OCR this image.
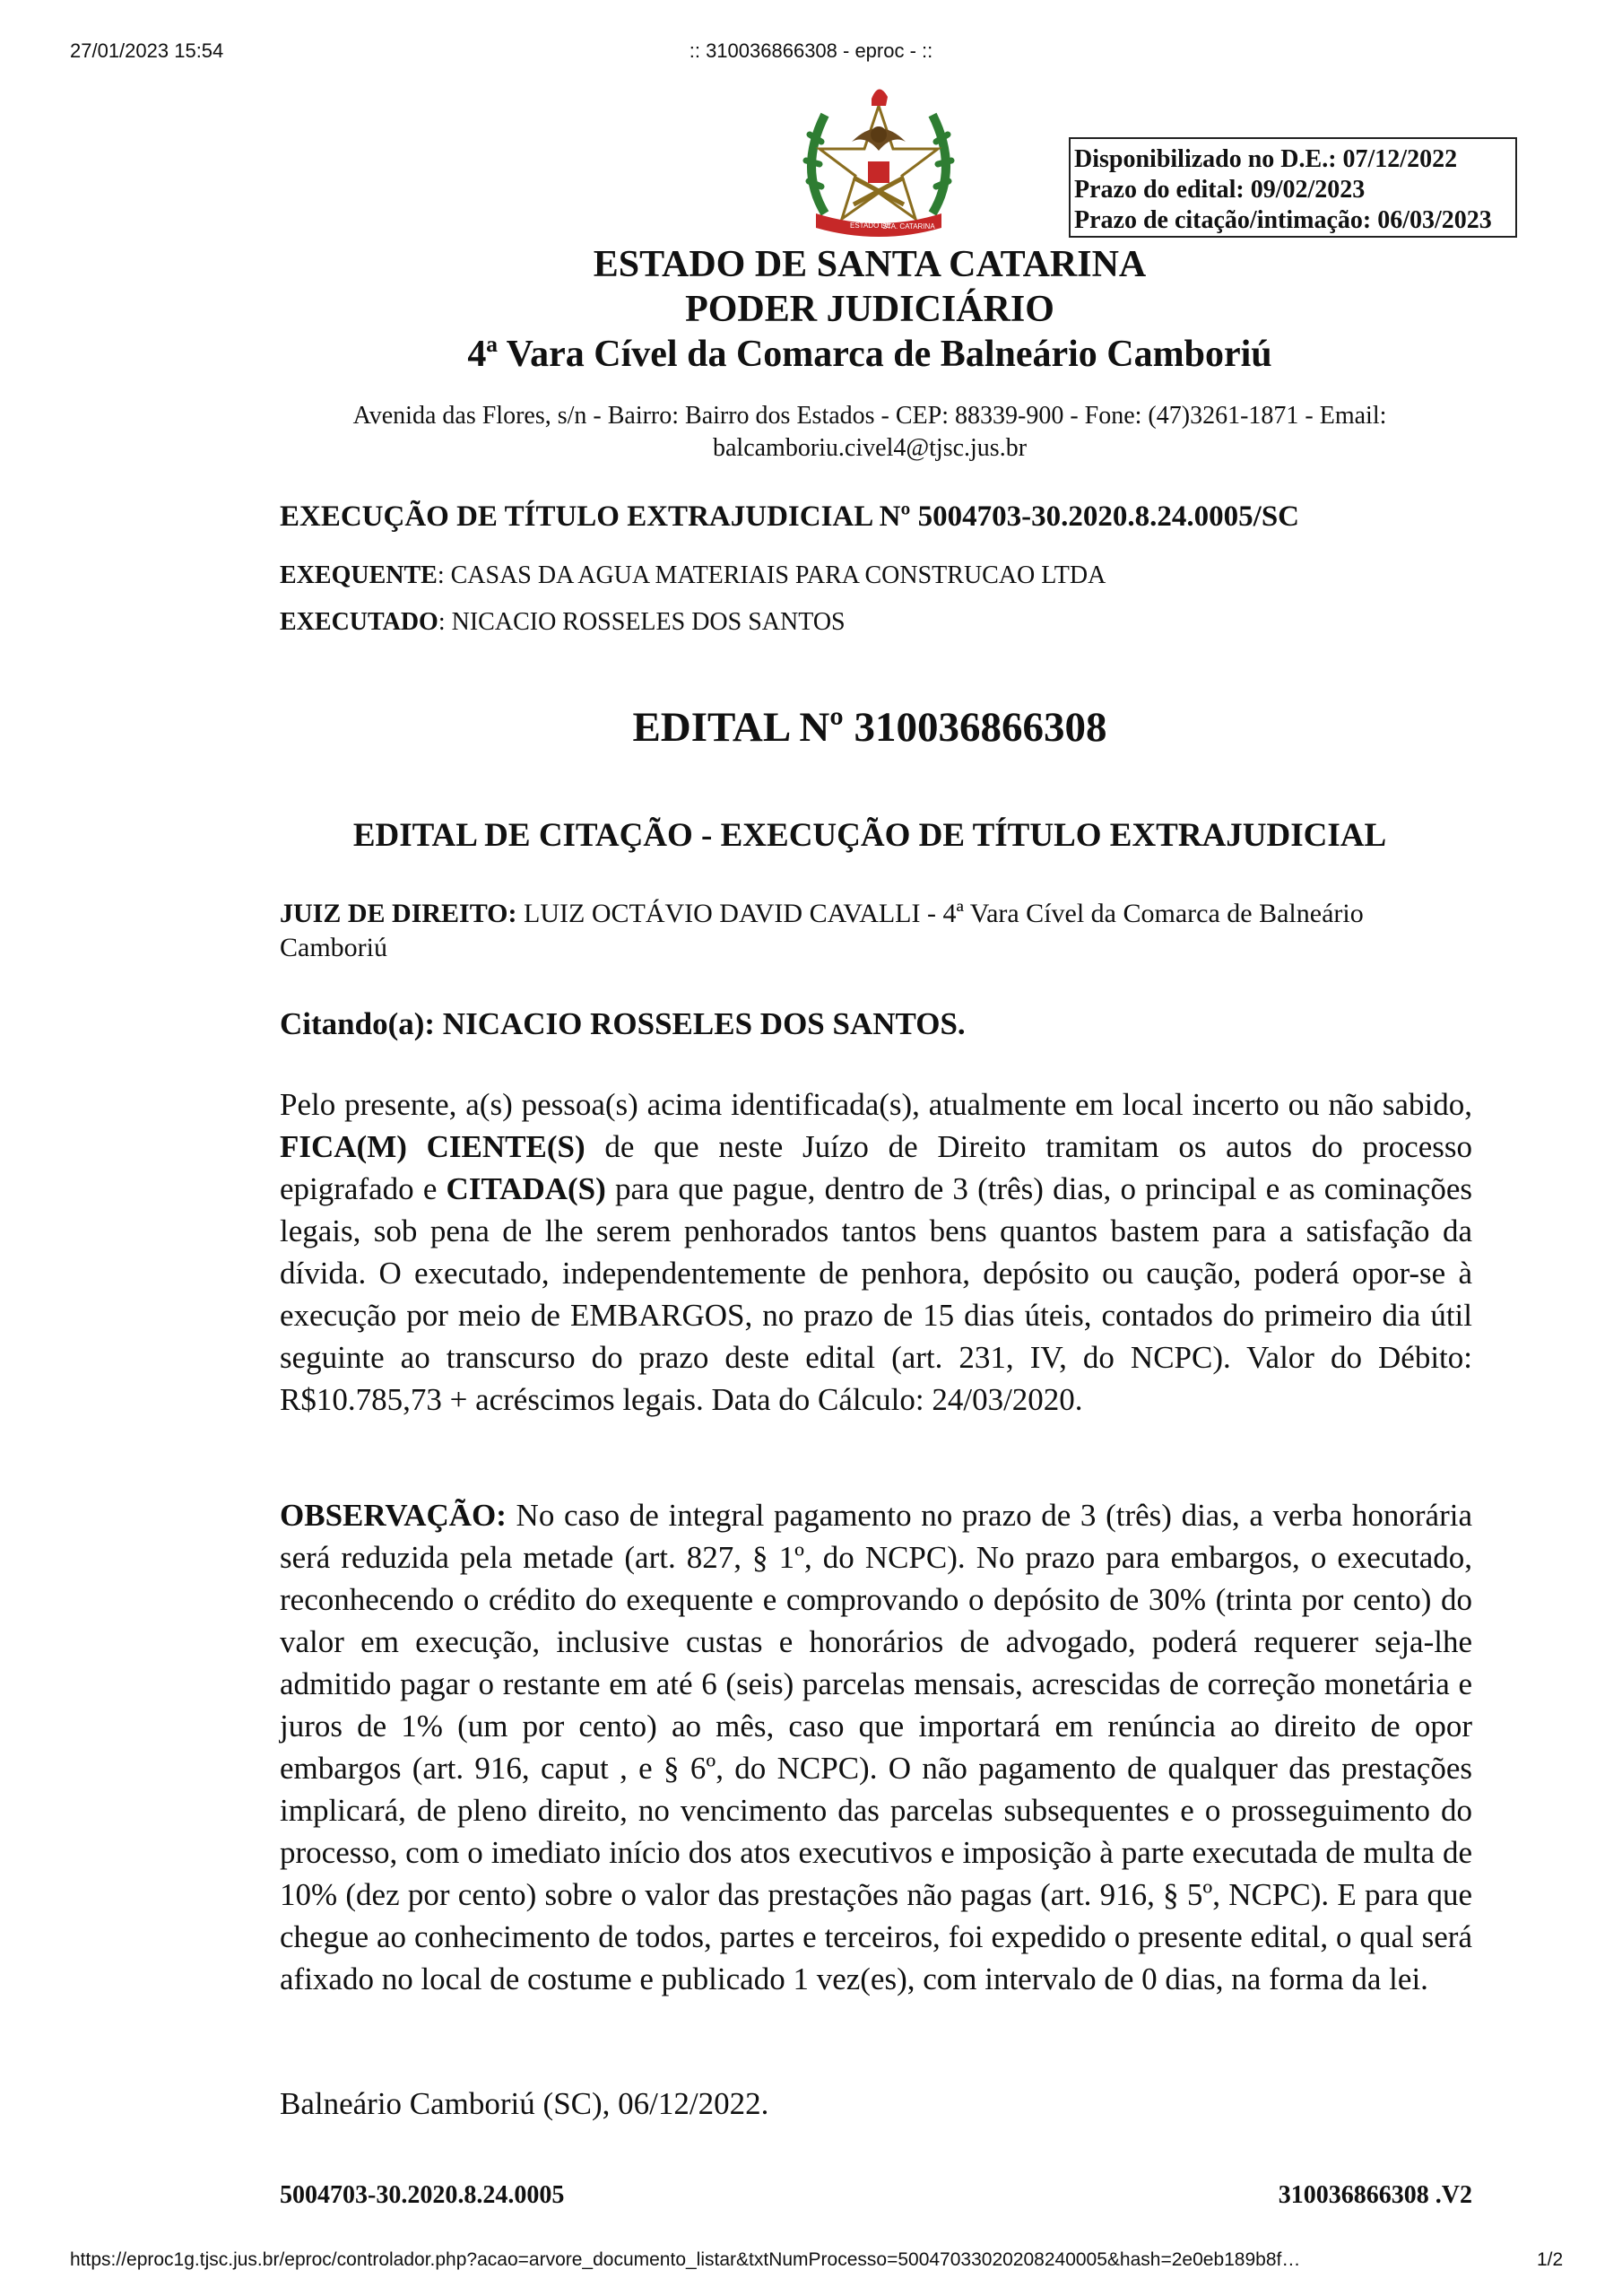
27/01/2023 15:54	:: 310036866308 - eproc - ::
ESTADO DE
STA. CATARINA
Disponibilizado no D.E.: 07/12/2022
Prazo do edital: 09/02/2023
Prazo de citação/intimação: 06/03/2023
ESTADO DE SANTA CATARINA
PODER JUDICIÁRIO
4ª Vara Cível da Comarca de Balneário Camboriú
Avenida das Flores, s/n - Bairro: Bairro dos Estados - CEP: 88339-900 - Fone: (47)3261-1871 - Email:
balcamboriu.civel4@tjsc.jus.br
EXECUÇÃO DE TÍTULO EXTRAJUDICIAL Nº 5004703-30.2020.8.24.0005/SC
EXEQUENTE: CASAS DA AGUA MATERIAIS PARA CONSTRUCAO LTDA
EXECUTADO: NICACIO ROSSELES DOS SANTOS
EDITAL Nº 310036866308
EDITAL DE CITAÇÃO - EXECUÇÃO DE TÍTULO EXTRAJUDICIAL
JUIZ DE DIREITO: LUIZ OCTÁVIO DAVID CAVALLI - 4ª Vara Cível da Comarca de Balneário Camboriú
Citando(a): NICACIO ROSSELES DOS SANTOS.
Pelo presente, a(s) pessoa(s) acima identificada(s), atualmente em local incerto ou não sabido, FICA(M) CIENTE(S) de que neste Juízo de Direito tramitam os autos do processo epigrafado e CITADA(S) para que pague, dentro de 3 (três) dias, o principal e as cominações legais, sob pena de lhe serem penhorados tantos bens quantos bastem para a satisfação da dívida. O executado, independentemente de penhora, depósito ou caução, poderá opor-se à execução por meio de EMBARGOS, no prazo de 15 dias úteis, contados do primeiro dia útil seguinte ao transcurso do prazo deste edital (art. 231, IV, do NCPC). Valor do Débito: R$10.785,73 + acréscimos legais. Data do Cálculo: 24/03/2020.
OBSERVAÇÃO: No caso de integral pagamento no prazo de 3 (três) dias, a verba honorária será reduzida pela metade (art. 827, § 1º, do NCPC). No prazo para embargos, o executado, reconhecendo o crédito do exequente e comprovando o depósito de 30% (trinta por cento) do valor em execução, inclusive custas e honorários de advogado, poderá requerer seja-lhe admitido pagar o restante em até 6 (seis) parcelas mensais, acrescidas de correção monetária e juros de 1% (um por cento) ao mês, caso que importará em renúncia ao direito de opor embargos (art. 916, caput , e § 6º, do NCPC). O não pagamento de qualquer das prestações implicará, de pleno direito, no vencimento das parcelas subsequentes e o prosseguimento do processo, com o imediato início dos atos executivos e imposição à parte executada de multa de 10% (dez por cento) sobre o valor das prestações não pagas (art. 916, § 5º, NCPC). E para que chegue ao conhecimento de todos, partes e terceiros, foi expedido o presente edital, o qual será afixado no local de costume e publicado 1 vez(es), com intervalo de 0 dias, na forma da lei.
Balneário Camboriú (SC), 06/12/2022.
5004703-30.2020.8.24.0005	310036866308 .V2
https://eproc1g.tjsc.jus.br/eproc/controlador.php?acao=arvore_documento_listar&txtNumProcesso=50047033020208240005&hash=2e0eb189b8f…	1/2
